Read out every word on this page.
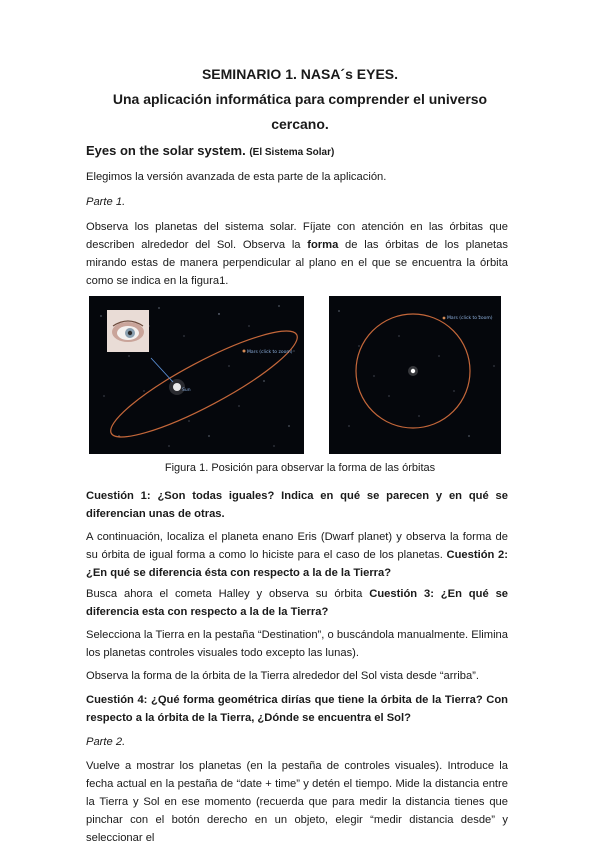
SEMINARIO 1. NASA´s EYES.
Una aplicación informática para comprender el universo
cercano.
Eyes on the solar system. (El Sistema Solar)
Elegimos la versión avanzada de esta parte de la aplicación.
Parte 1.
Observa los planetas del sistema solar. Fíjate con atención en las órbitas que describen alrededor del Sol. Observa la forma de las órbitas de los planetas mirando estas de manera perpendicular al plano en el que se encuentra la órbita como se indica en la figura1.
Mars (click to zoom)
Sun
Mars (click to zoom)
Figura 1. Posición para observar la forma de las órbitas
Cuestión 1: ¿Son todas iguales? Indica en qué se parecen y en qué se diferencian unas de otras.
A continuación, localiza el planeta enano Eris (Dwarf planet) y observa la forma de su órbita de igual forma a como lo hiciste para el caso de los planetas. Cuestión 2: ¿En qué se diferencia ésta con respecto a la de la Tierra?
Busca ahora el cometa Halley y observa su órbita Cuestión 3: ¿En qué se diferencia esta con respecto a la de la Tierra?
Selecciona la Tierra en la pestaña “Destination”, o buscándola manualmente. Elimina los planetas controles visuales todo excepto las lunas).
Observa la forma de la órbita de la Tierra alrededor del Sol vista desde “arriba”.
Cuestión 4: ¿Qué forma geométrica dirías que tiene la órbita de la Tierra? Con respecto a la órbita de la Tierra, ¿Dónde se encuentra el Sol?
Parte 2.
Vuelve a mostrar los planetas (en la pestaña de controles visuales). Introduce la fecha actual en la pestaña de “date + time” y detén el tiempo. Mide la distancia entre la Tierra y Sol en ese momento (recuerda que para medir la distancia tienes que pinchar con el botón derecho en un objeto, elegir “medir distancia desde” y seleccionar el
